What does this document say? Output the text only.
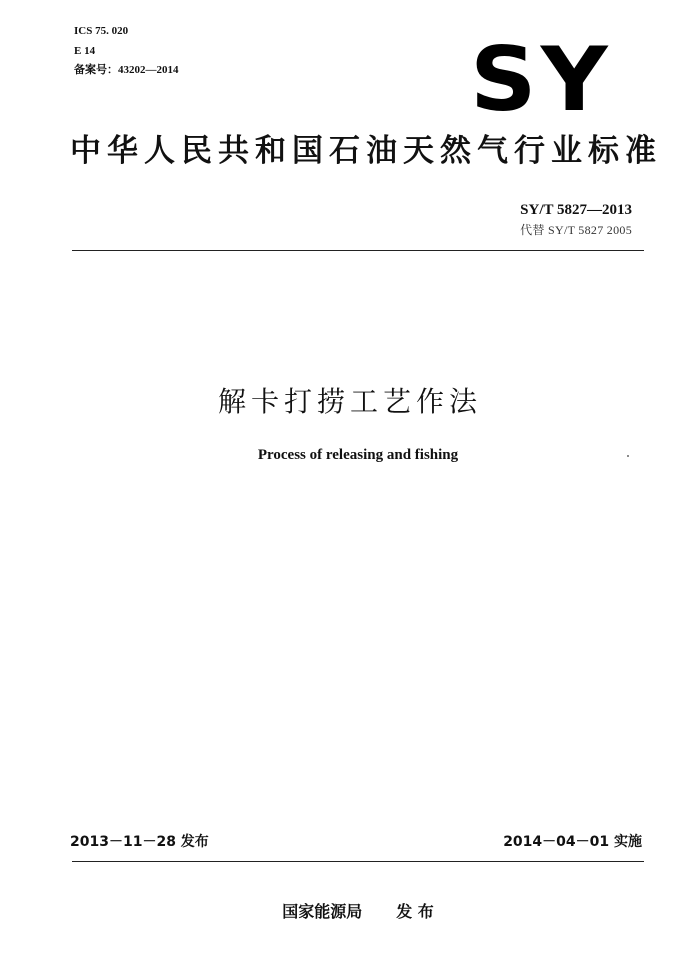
ICS 75. 020
E 14
备案号：43202—2014	SY
中华人民共和国石油天然气行业标准
SY/T 5827—2013
代替 SY/T 5827 2005
解卡打捞工艺作法
Process of releasing and fishing
2013－11－28 发布	2014－04－01 实施
国家能源局 发 布
